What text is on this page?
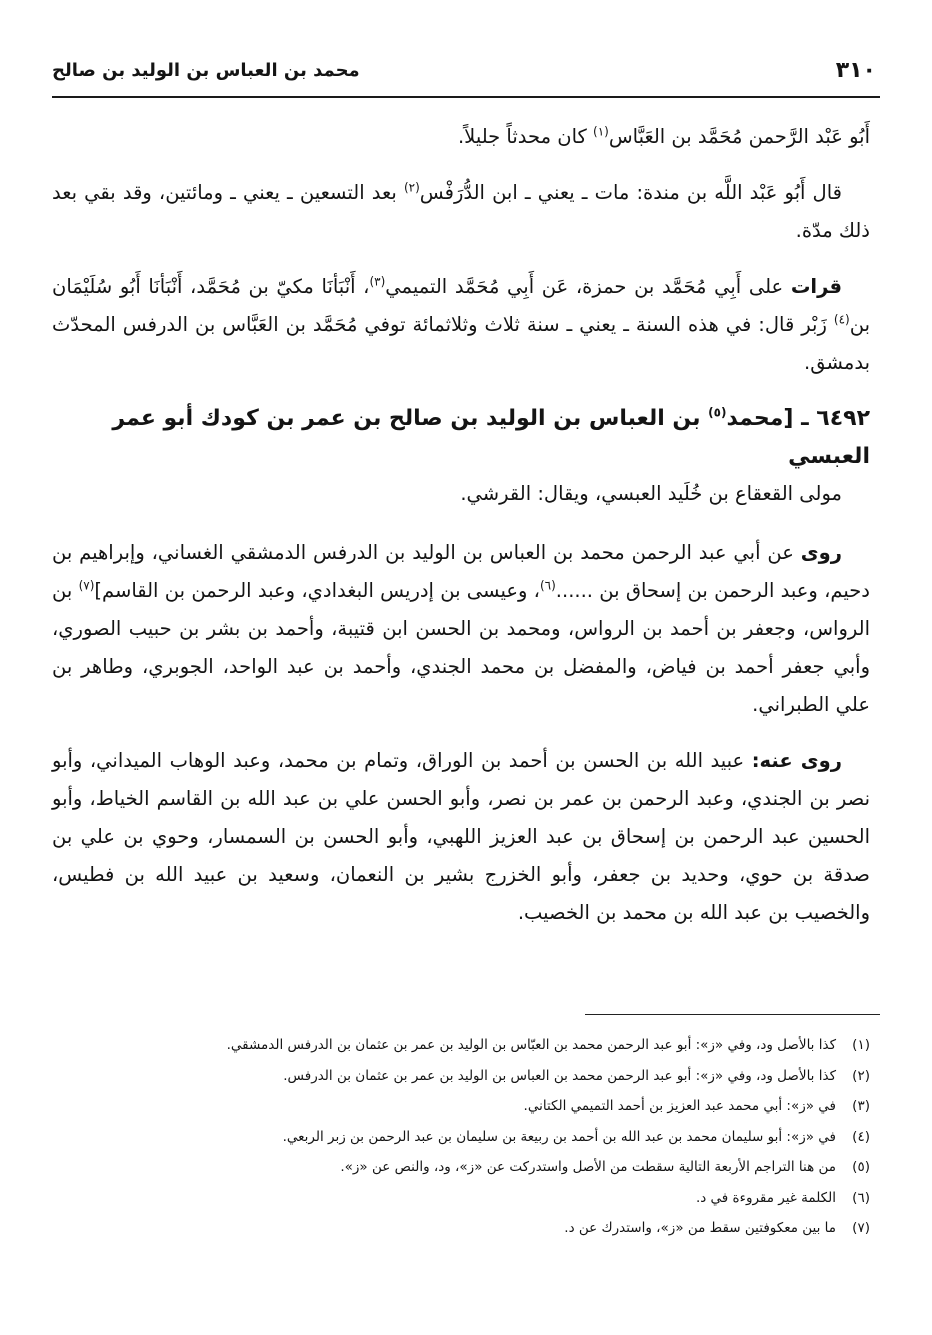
٣١٠
محمد بن العباس بن الوليد بن صالح

أَبُو عَبْد الرَّحمن مُحَمَّد بن العَبَّاس$^{(١)}$ كان محدثاً جليلاً.

قال أَبُو عَبْد اللَّه بن مندة: مات ـ يعني ـ ابن الدُّرَفْس$^{(٢)}$ بعد التسعين ـ يعني ـ ومائتين، وقد بقي بعد ذلك مدّة.

قرات على أَبِي مُحَمَّد بن حمزة، عَن أَبِي مُحَمَّد التميمي$^{(٣)}$، أَنْبَأنَا مكيّ بن مُحَمَّد، أَنْبَأنَا أَبُو سُلَيْمَان بن$^{(٤)}$ زَبْر قال: في هذه السنة ـ يعني ـ سنة ثلاث وثلاثمائة توفي مُحَمَّد بن العَبَّاس بن الدرفس المحدّث بدمشق.

٦٤٩٢ ـ [محمد$^{(٥)}$ بن العباس بن الوليد بن صالح بن عمر بن كودك أبو عمر العبسي
مولى القعقاع بن خُلَيد العبسي، ويقال: القرشي.

روى عن أبي عبد الرحمن محمد بن العباس بن الوليد بن الدرفس الدمشقي الغساني، وإبراهيم بن دحيم، وعبد الرحمن بن إسحاق بن ......$^{(٦)}$، وعيسى بن إدريس البغدادي، وعبد الرحمن بن القاسم]$^{(٧)}$ بن الرواس، وجعفر بن أحمد بن الرواس، ومحمد بن الحسن ابن قتيبة، وأحمد بن بشر بن حبيب الصوري، وأبي جعفر أحمد بن فياض، والمفضل بن محمد الجندي، وأحمد بن عبد الواحد، الجوبري، وطاهر بن علي الطبراني.

روى عنه: عبيد الله بن الحسن بن أحمد بن الوراق، وتمام بن محمد، وعبد الوهاب الميداني، وأبو نصر بن الجندي، وعبد الرحمن بن عمر بن نصر، وأبو الحسن علي بن عبد الله بن القاسم الخياط، وأبو الحسين عبد الرحمن بن إسحاق بن عبد العزيز اللهبي، وأبو الحسن بن السمسار، وحوي بن علي بن صدقة بن حوي، وحديد بن جعفر، وأبو الخزرج بشير بن النعمان، وسعيد بن عبيد الله بن فطيس، والخصيب بن عبد الله بن محمد بن الخصيب.

(١)
كذا بالأصل ود، وفي «ز»: أبو عبد الرحمن محمد بن العبّاس بن الوليد بن عمر بن عثمان بن الدرفس الدمشقي.
(٢)
كذا بالأصل ود، وفي «ز»: أبو عبد الرحمن محمد بن العباس بن الوليد بن عمر بن عثمان بن الدرفس.
(٣)
في «ز»: أبي محمد عبد العزيز بن أحمد التميمي الكتاني.
(٤)
في «ز»: أبو سليمان محمد بن عبد الله بن أحمد بن ربيعة بن سليمان بن عبد الرحمن بن زبر الربعي.
(٥)
من هنا التراجم الأربعة التالية سقطت من الأصل واستدركت عن «ز»، ود، والنص عن «ز».
(٦)
الكلمة غير مقروءة في د.
(٧)
ما بين معكوفتين سقط من «ز»، واستدرك عن د.
